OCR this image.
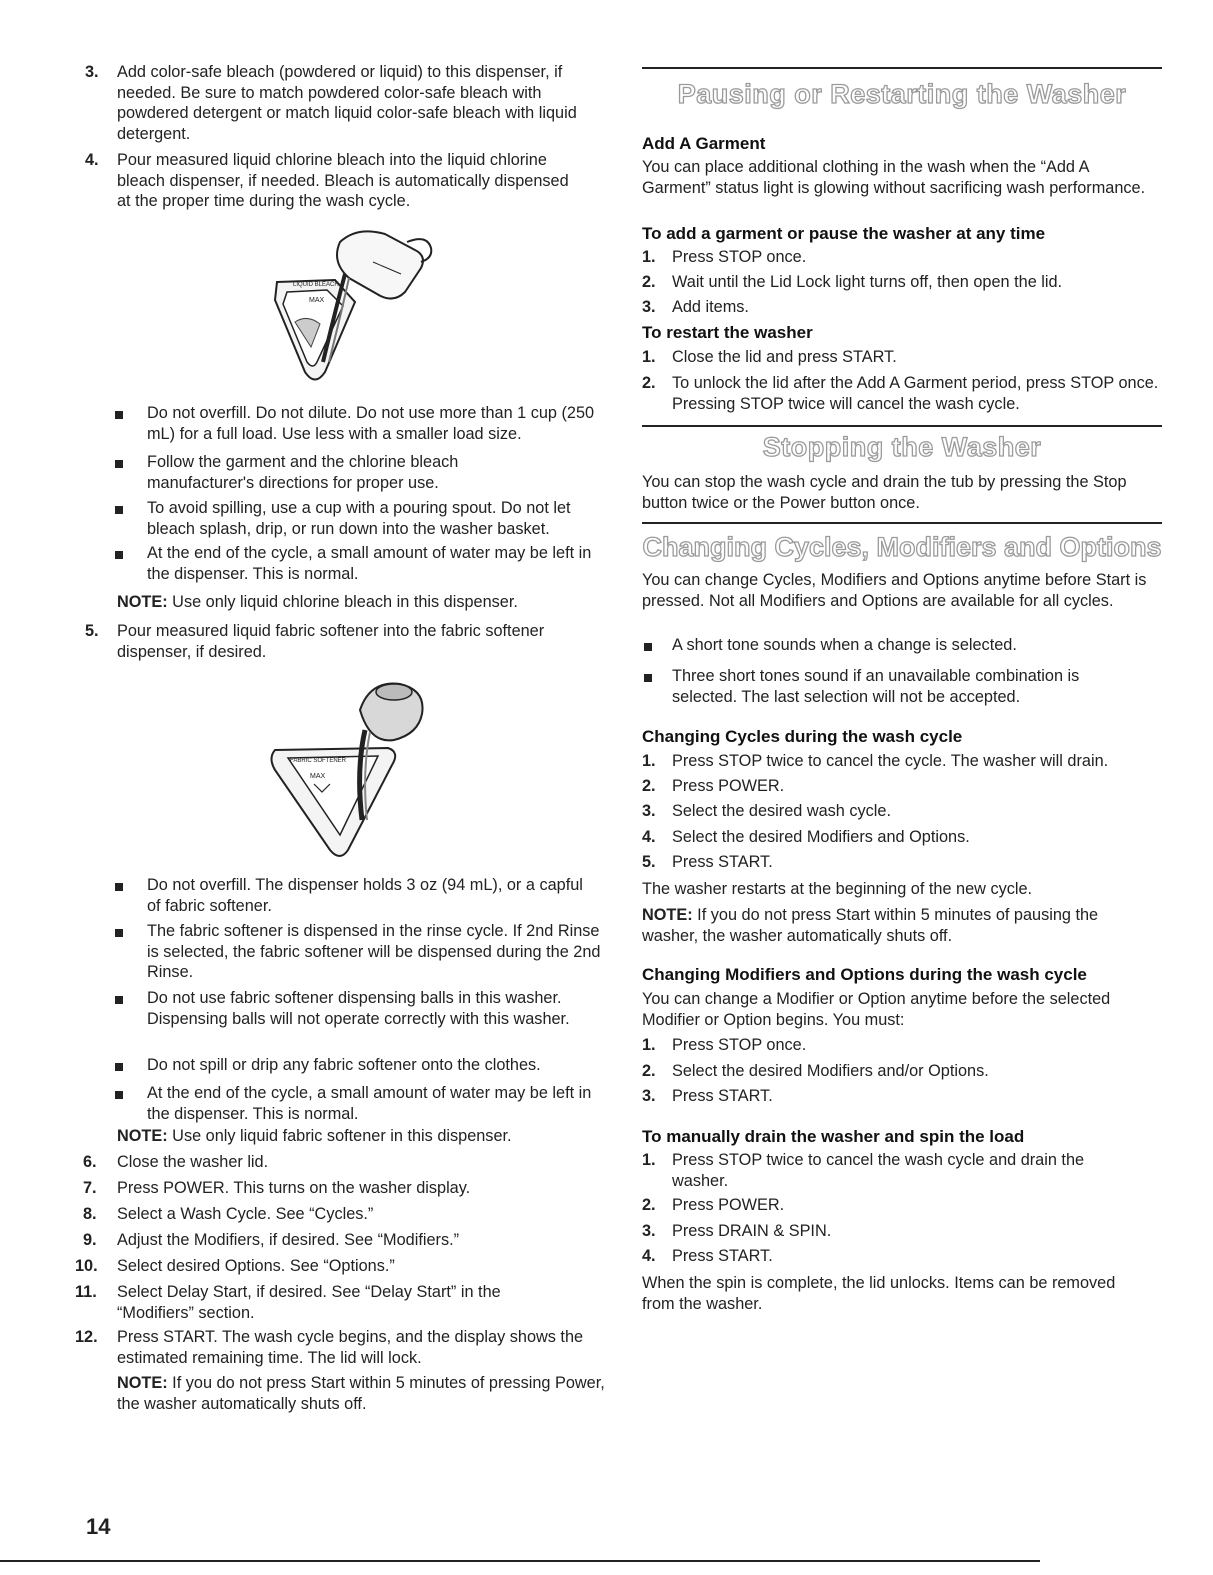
3. Add color-safe bleach (powdered or liquid) to this dispenser, if needed. Be sure to match powdered color-safe bleach with powdered detergent or match liquid color-safe bleach with liquid detergent.
4. Pour measured liquid chlorine bleach into the liquid chlorine bleach dispenser, if needed. Bleach is automatically dispensed at the proper time during the wash cycle.
LIQUID BLEACH
MAX
Do not overfill. Do not dilute. Do not use more than 1 cup (250 mL) for a full load. Use less with a smaller load size.
Follow the garment and the chlorine bleach manufacturer's directions for proper use.
To avoid spilling, use a cup with a pouring spout. Do not let bleach splash, drip, or run down into the washer basket.
At the end of the cycle, a small amount of water may be left in the dispenser. This is normal.
NOTE: Use only liquid chlorine bleach in this dispenser.
5. Pour measured liquid fabric softener into the fabric softener dispenser, if desired.
FABRIC SOFTENER
MAX
Do not overfill. The dispenser holds 3 oz (94 mL), or a capful of fabric softener.
The fabric softener is dispensed in the rinse cycle. If 2nd Rinse is selected, the fabric softener will be dispensed during the 2nd Rinse.
Do not use fabric softener dispensing balls in this washer. Dispensing balls will not operate correctly with this washer.
Do not spill or drip any fabric softener onto the clothes.
At the end of the cycle, a small amount of water may be left in the dispenser. This is normal.
NOTE: Use only liquid fabric softener in this dispenser.
6. Close the washer lid.
7. Press POWER. This turns on the washer display.
8. Select a Wash Cycle. See “Cycles.”
9. Adjust the Modifiers, if desired. See “Modifiers.”
10. Select desired Options. See “Options.”
11. Select Delay Start, if desired. See “Delay Start” in the “Modifiers” section.
12. Press START. The wash cycle begins, and the display shows the estimated remaining time. The lid will lock.
NOTE: If you do not press Start within 5 minutes of pressing Power, the washer automatically shuts off.
Pausing or Restarting the Washer
Add A Garment
You can place additional clothing in the wash when the “Add A Garment” status light is glowing without sacrificing wash performance.
To add a garment or pause the washer at any time
1. Press STOP once.
2. Wait until the Lid Lock light turns off, then open the lid.
3. Add items.
To restart the washer
1. Close the lid and press START.
2. To unlock the lid after the Add A Garment period, press STOP once. Pressing STOP twice will cancel the wash cycle.
Stopping the Washer
You can stop the wash cycle and drain the tub by pressing the Stop button twice or the Power button once.
Changing Cycles, Modifiers and Options
You can change Cycles, Modifiers and Options anytime before Start is pressed. Not all Modifiers and Options are available for all cycles.
A short tone sounds when a change is selected.
Three short tones sound if an unavailable combination is selected. The last selection will not be accepted.
Changing Cycles during the wash cycle
1. Press STOP twice to cancel the cycle. The washer will drain.
2. Press POWER.
3. Select the desired wash cycle.
4. Select the desired Modifiers and Options.
5. Press START.
The washer restarts at the beginning of the new cycle.
NOTE: If you do not press Start within 5 minutes of pausing the washer, the washer automatically shuts off.
Changing Modifiers and Options during the wash cycle
You can change a Modifier or Option anytime before the selected Modifier or Option begins. You must:
1. Press STOP once.
2. Select the desired Modifiers and/or Options.
3. Press START.
To manually drain the washer and spin the load
1. Press STOP twice to cancel the wash cycle and drain the washer.
2. Press POWER.
3. Press DRAIN & SPIN.
4. Press START.
When the spin is complete, the lid unlocks. Items can be removed from the washer.
14
